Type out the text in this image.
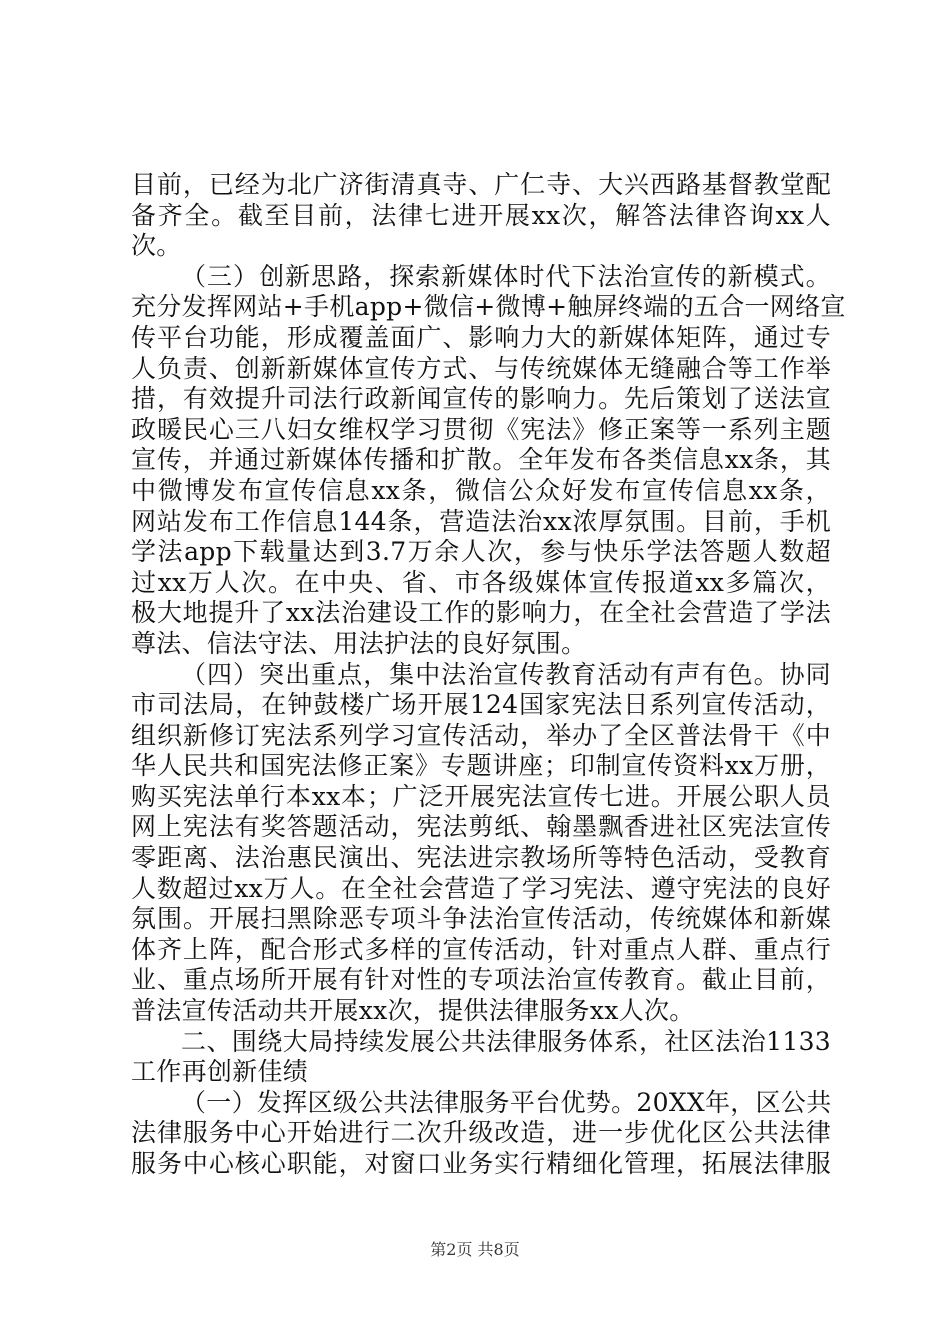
目前，已经为北广济街清真寺、广仁寺、大兴西路基督教堂配
备齐全。截至目前，法律七进开展xx次，解答法律咨询xx人
次。
（三）创新思路，探索新媒体时代下法治宣传的新模式。
充分发挥网站+手机app+微信+微博+触屏终端的五合一网络宣
传平台功能，形成覆盖面广、影响力大的新媒体矩阵，通过专
人负责、创新新媒体宣传方式、与传统媒体无缝融合等工作举
措，有效提升司法行政新闻宣传的影响力。先后策划了送法宣
政暖民心三八妇女维权学习贯彻《宪法》修正案等一系列主题
宣传，并通过新媒体传播和扩散。全年发布各类信息xx条，其
中微博发布宣传信息xx条，微信公众好发布宣传信息xx条，
网站发布工作信息144条，营造法治xx浓厚氛围。目前，手机
学法app下载量达到3.7万余人次，参与快乐学法答题人数超
过xx万人次。在中央、省、市各级媒体宣传报道xx多篇次，
极大地提升了xx法治建设工作的影响力，在全社会营造了学法
尊法、信法守法、用法护法的良好氛围。
（四）突出重点，集中法治宣传教育活动有声有色。协同
市司法局，在钟鼓楼广场开展124国家宪法日系列宣传活动，
组织新修订宪法系列学习宣传活动，举办了全区普法骨干《中
华人民共和国宪法修正案》专题讲座；印制宣传资料xx万册，
购买宪法单行本xx本；广泛开展宪法宣传七进。开展公职人员
网上宪法有奖答题活动，宪法剪纸、翰墨飘香进社区宪法宣传
零距离、法治惠民演出、宪法进宗教场所等特色活动，受教育
人数超过xx万人。在全社会营造了学习宪法、遵守宪法的良好
氛围。开展扫黑除恶专项斗争法治宣传活动，传统媒体和新媒
体齐上阵，配合形式多样的宣传活动，针对重点人群、重点行
业、重点场所开展有针对性的专项法治宣传教育。截止目前，
普法宣传活动共开展xx次，提供法律服务xx人次。
二、围绕大局持续发展公共法律服务体系，社区法治1133
工作再创新佳绩
（一）发挥区级公共法律服务平台优势。20XX年，区公共
法律服务中心开始进行二次升级改造，进一步优化区公共法律
服务中心核心职能，对窗口业务实行精细化管理，拓展法律服
第2页 共8页
